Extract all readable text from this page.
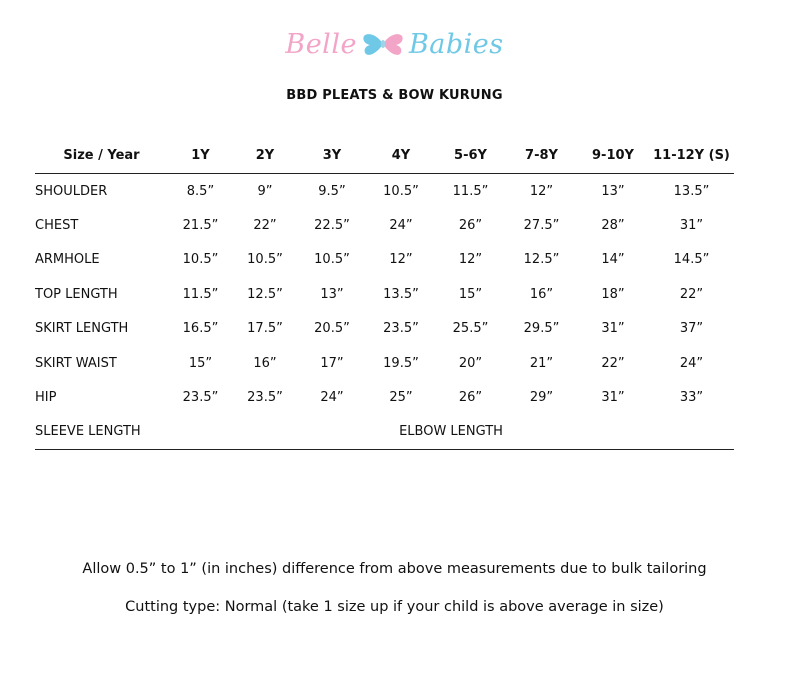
Belle Babies
BBD PLEATS & BOW KURUNG
Size / Year	1Y	2Y	3Y	4Y	5-6Y	7-8Y	9-10Y	11-12Y (S)
SHOULDER	8.5”	9”	9.5”	10.5”	11.5”	12”	13”	13.5”
CHEST	21.5”	22”	22.5”	24”	26”	27.5”	28”	31”
ARMHOLE	10.5”	10.5”	10.5”	12”	12”	12.5”	14”	14.5”
TOP LENGTH	11.5”	12.5”	13”	13.5”	15”	16”	18”	22”
SKIRT LENGTH	16.5”	17.5”	20.5”	23.5”	25.5”	29.5”	31”	37”
SKIRT WAIST	15”	16”	17”	19.5”	20”	21”	22”	24”
HIP	23.5”	23.5”	24”	25”	26”	29”	31”	33”
SLEEVE LENGTH	ELBOW LENGTH							
Allow 0.5” to 1” (in inches) difference from above measurements due to bulk tailoring
Cutting type: Normal (take 1 size up if your child is above average in size)
